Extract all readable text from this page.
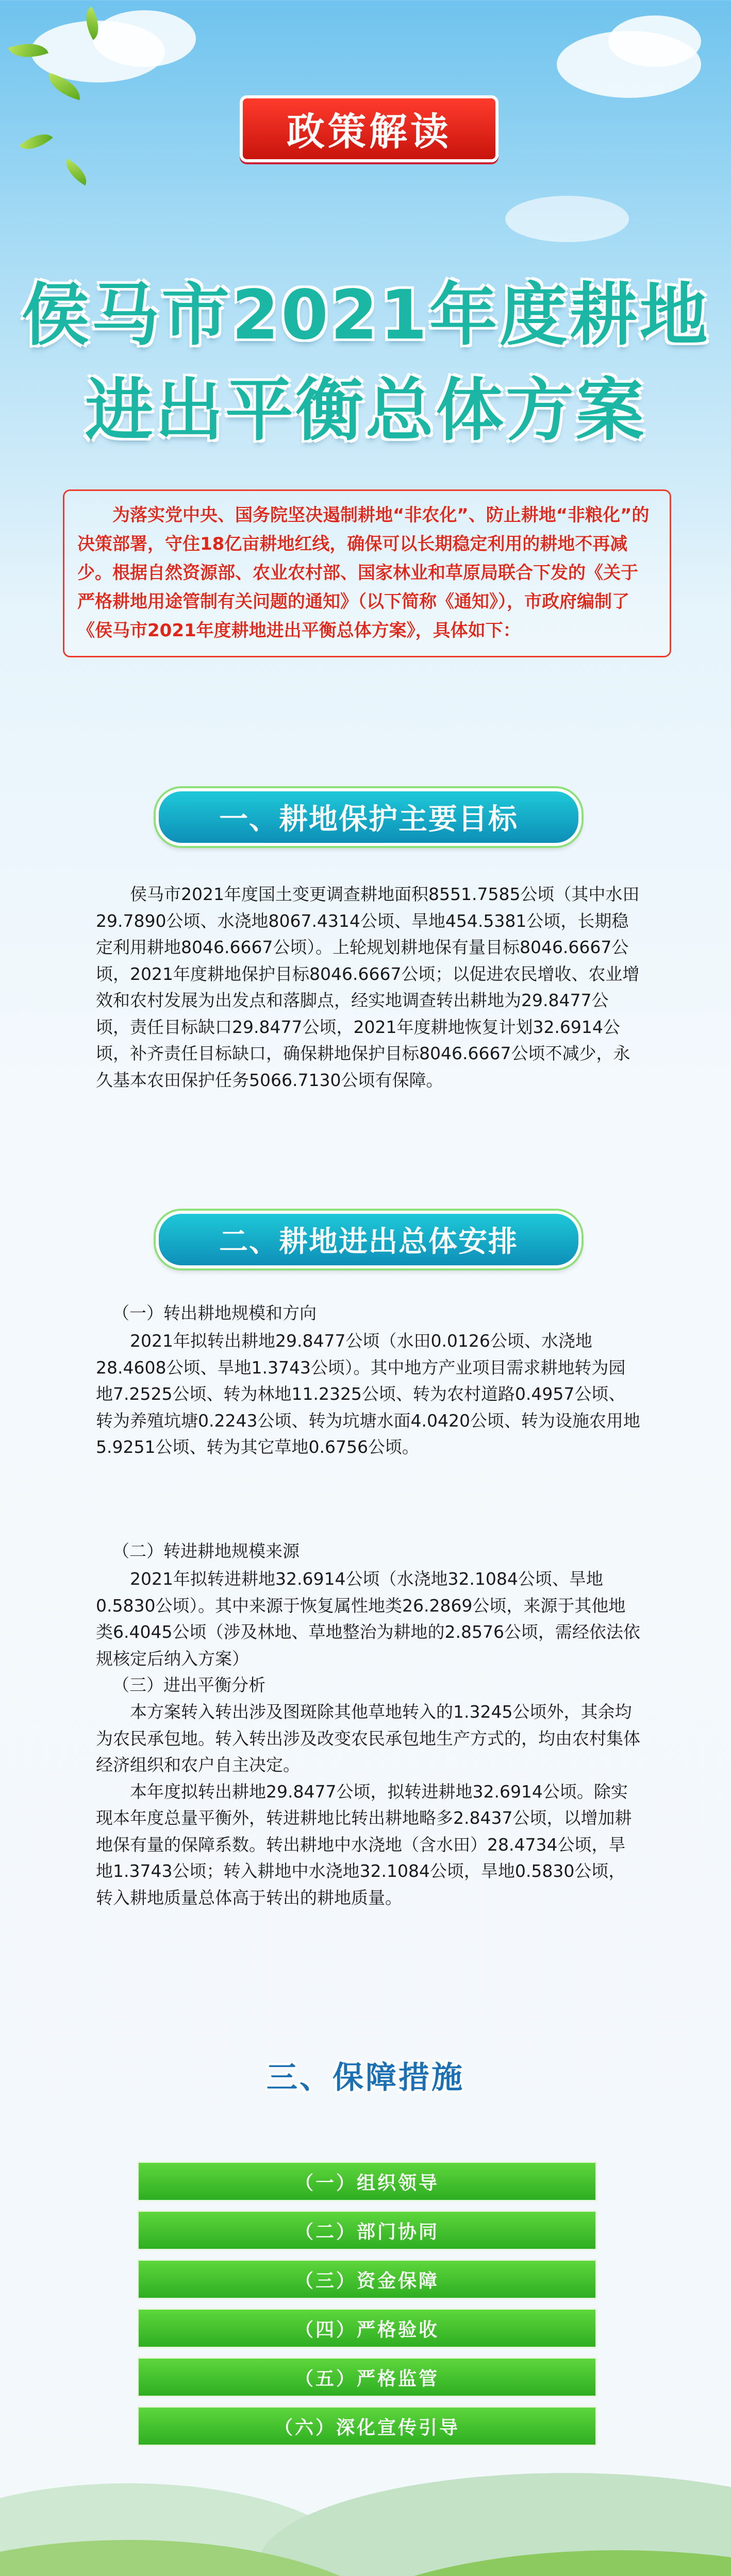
政策解读
侯马市2021年度耕地
进出平衡总体方案
为落实党中央、国务院坚决遏制耕地“非农化”、防止耕地“非粮化”的决策部署，守住18亿亩耕地红线，确保可以长期稳定利用的耕地不再减少。根据自然资源部、农业农村部、国家林业和草原局联合下发的《关于严格耕地用途管制有关问题的通知》（以下简称《通知》），市政府编制了《侯马市2021年度耕地进出平衡总体方案》，具体如下：
一、耕地保护主要目标

侯马市2021年度国土变更调查耕地面积8551.7585公顷（其中水田29.7890公顷、水浇地8067.4314公顷、旱地454.5381公顷，长期稳定利用耕地8046.6667公顷）。上轮规划耕地保有量目标8046.6667公顷，2021年度耕地保护目标8046.6667公顷；以促进农民增收、农业增效和农村发展为出发点和落脚点，经实地调查转出耕地为29.8477公顷，责任目标缺口29.8477公顷，2021年度耕地恢复计划32.6914公顷，补齐责任目标缺口，确保耕地保护目标8046.6667公顷不减少，永久基本农田保护任务5066.7130公顷有保障。

二、耕地进出总体安排
（一）转出耕地规模和方向

2021年拟转出耕地29.8477公顷（水田0.0126公顷、水浇地28.4608公顷、旱地1.3743公顷）。其中地方产业项目需求耕地转为园地7.2525公顷、转为林地11.2325公顷、转为农村道路0.4957公顷、转为养殖坑塘0.2243公顷、转为坑塘水面4.0420公顷、转为设施农用地5.9251公顷、转为其它草地0.6756公顷。

（二）转进耕地规模来源

2021年拟转进耕地32.6914公顷（水浇地32.1084公顷、旱地0.5830公顷）。其中来源于恢复属性地类26.2869公顷，来源于其他地类6.4045公顷（涉及林地、草地整治为耕地的2.8576公顷，需经依法依规核定后纳入方案）

（三）进出平衡分析

本方案转入转出涉及图斑除其他草地转入的1.3245公顷外，其余均为农民承包地。转入转出涉及改变农民承包地生产方式的，均由农村集体经济组织和农户自主决定。

本年度拟转出耕地29.8477公顷，拟转进耕地32.6914公顷。除实现本年度总量平衡外，转进耕地比转出耕地略多2.8437公顷，以增加耕地保有量的保障系数。转出耕地中水浇地（含水田）28.4734公顷，旱地1.3743公顷；转入耕地中水浇地32.1084公顷，旱地0.5830公顷，转入耕地质量总体高于转出的耕地质量。

三、保障措施
（一）组织领导
（二）部门协同
（三）资金保障
（四）严格验收
（五）严格监管
（六）深化宣传引导
